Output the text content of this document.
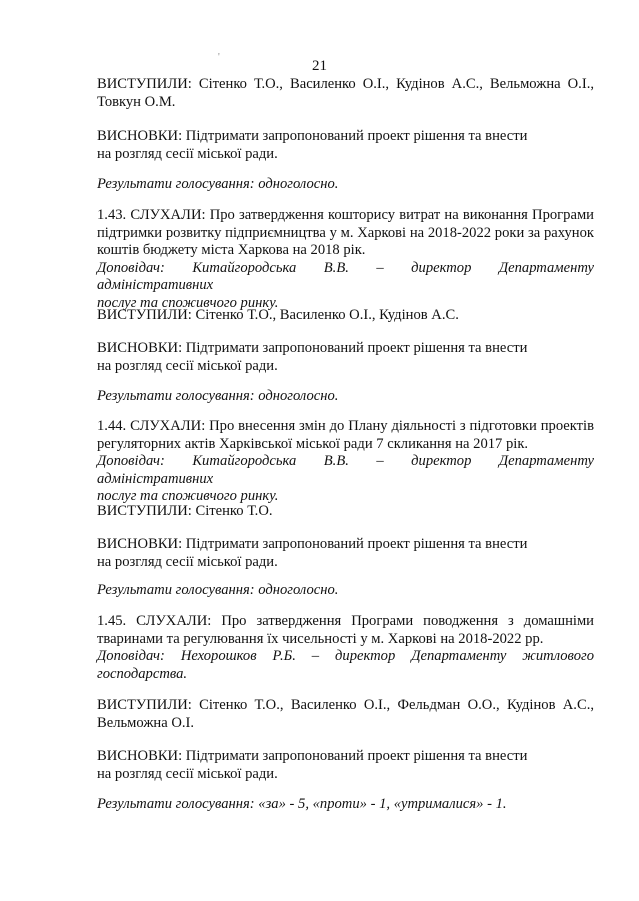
'
21
ВИСТУПИЛИ: Сітенко Т.О., Василенко О.І., Кудінов А.С., Вельможна О.І.,
Товкун О.М.
ВИСНОВКИ: Підтримати запропонований проект рішення та внести
на розгляд сесії міської ради.
Результати голосування: одноголосно.
1.43. СЛУХАЛИ: Про затвердження кошторису витрат на виконання Програми
підтримки розвитку підприємництва у м. Харкові на 2018-2022 роки за рахунок
коштів бюджету міста Харкова на 2018 рік.
Доповідач: Китайгородська В.В. – директор Департаменту адміністративних
послуг та споживчого ринку.
ВИСТУПИЛИ: Сітенко Т.О., Василенко О.І., Кудінов А.С.
ВИСНОВКИ: Підтримати запропонований проект рішення та внести
на розгляд сесії міської ради.
Результати голосування: одноголосно.
1.44. СЛУХАЛИ: Про внесення змін до Плану діяльності з підготовки проектів
регуляторних актів Харківської міської ради 7 скликання на 2017 рік.
Доповідач: Китайгородська В.В. – директор Департаменту адміністративних
послуг та споживчого ринку.
ВИСТУПИЛИ: Сітенко Т.О.
ВИСНОВКИ: Підтримати запропонований проект рішення та внести
на розгляд сесії міської ради.
Результати голосування: одноголосно.
1.45. СЛУХАЛИ: Про затвердження Програми поводження з домашніми
тваринами та регулювання їх чисельності у м. Харкові на 2018-2022 рр.
Доповідач: Нехорошков Р.Б. – директор Департаменту житлового
господарства.
ВИСТУПИЛИ: Сітенко Т.О., Василенко О.І., Фельдман О.О., Кудінов А.С.,
Вельможна О.І.
ВИСНОВКИ: Підтримати запропонований проект рішення та внести
на розгляд сесії міської ради.
Результати голосування: «за» - 5, «проти» - 1, «утрималися» - 1.
